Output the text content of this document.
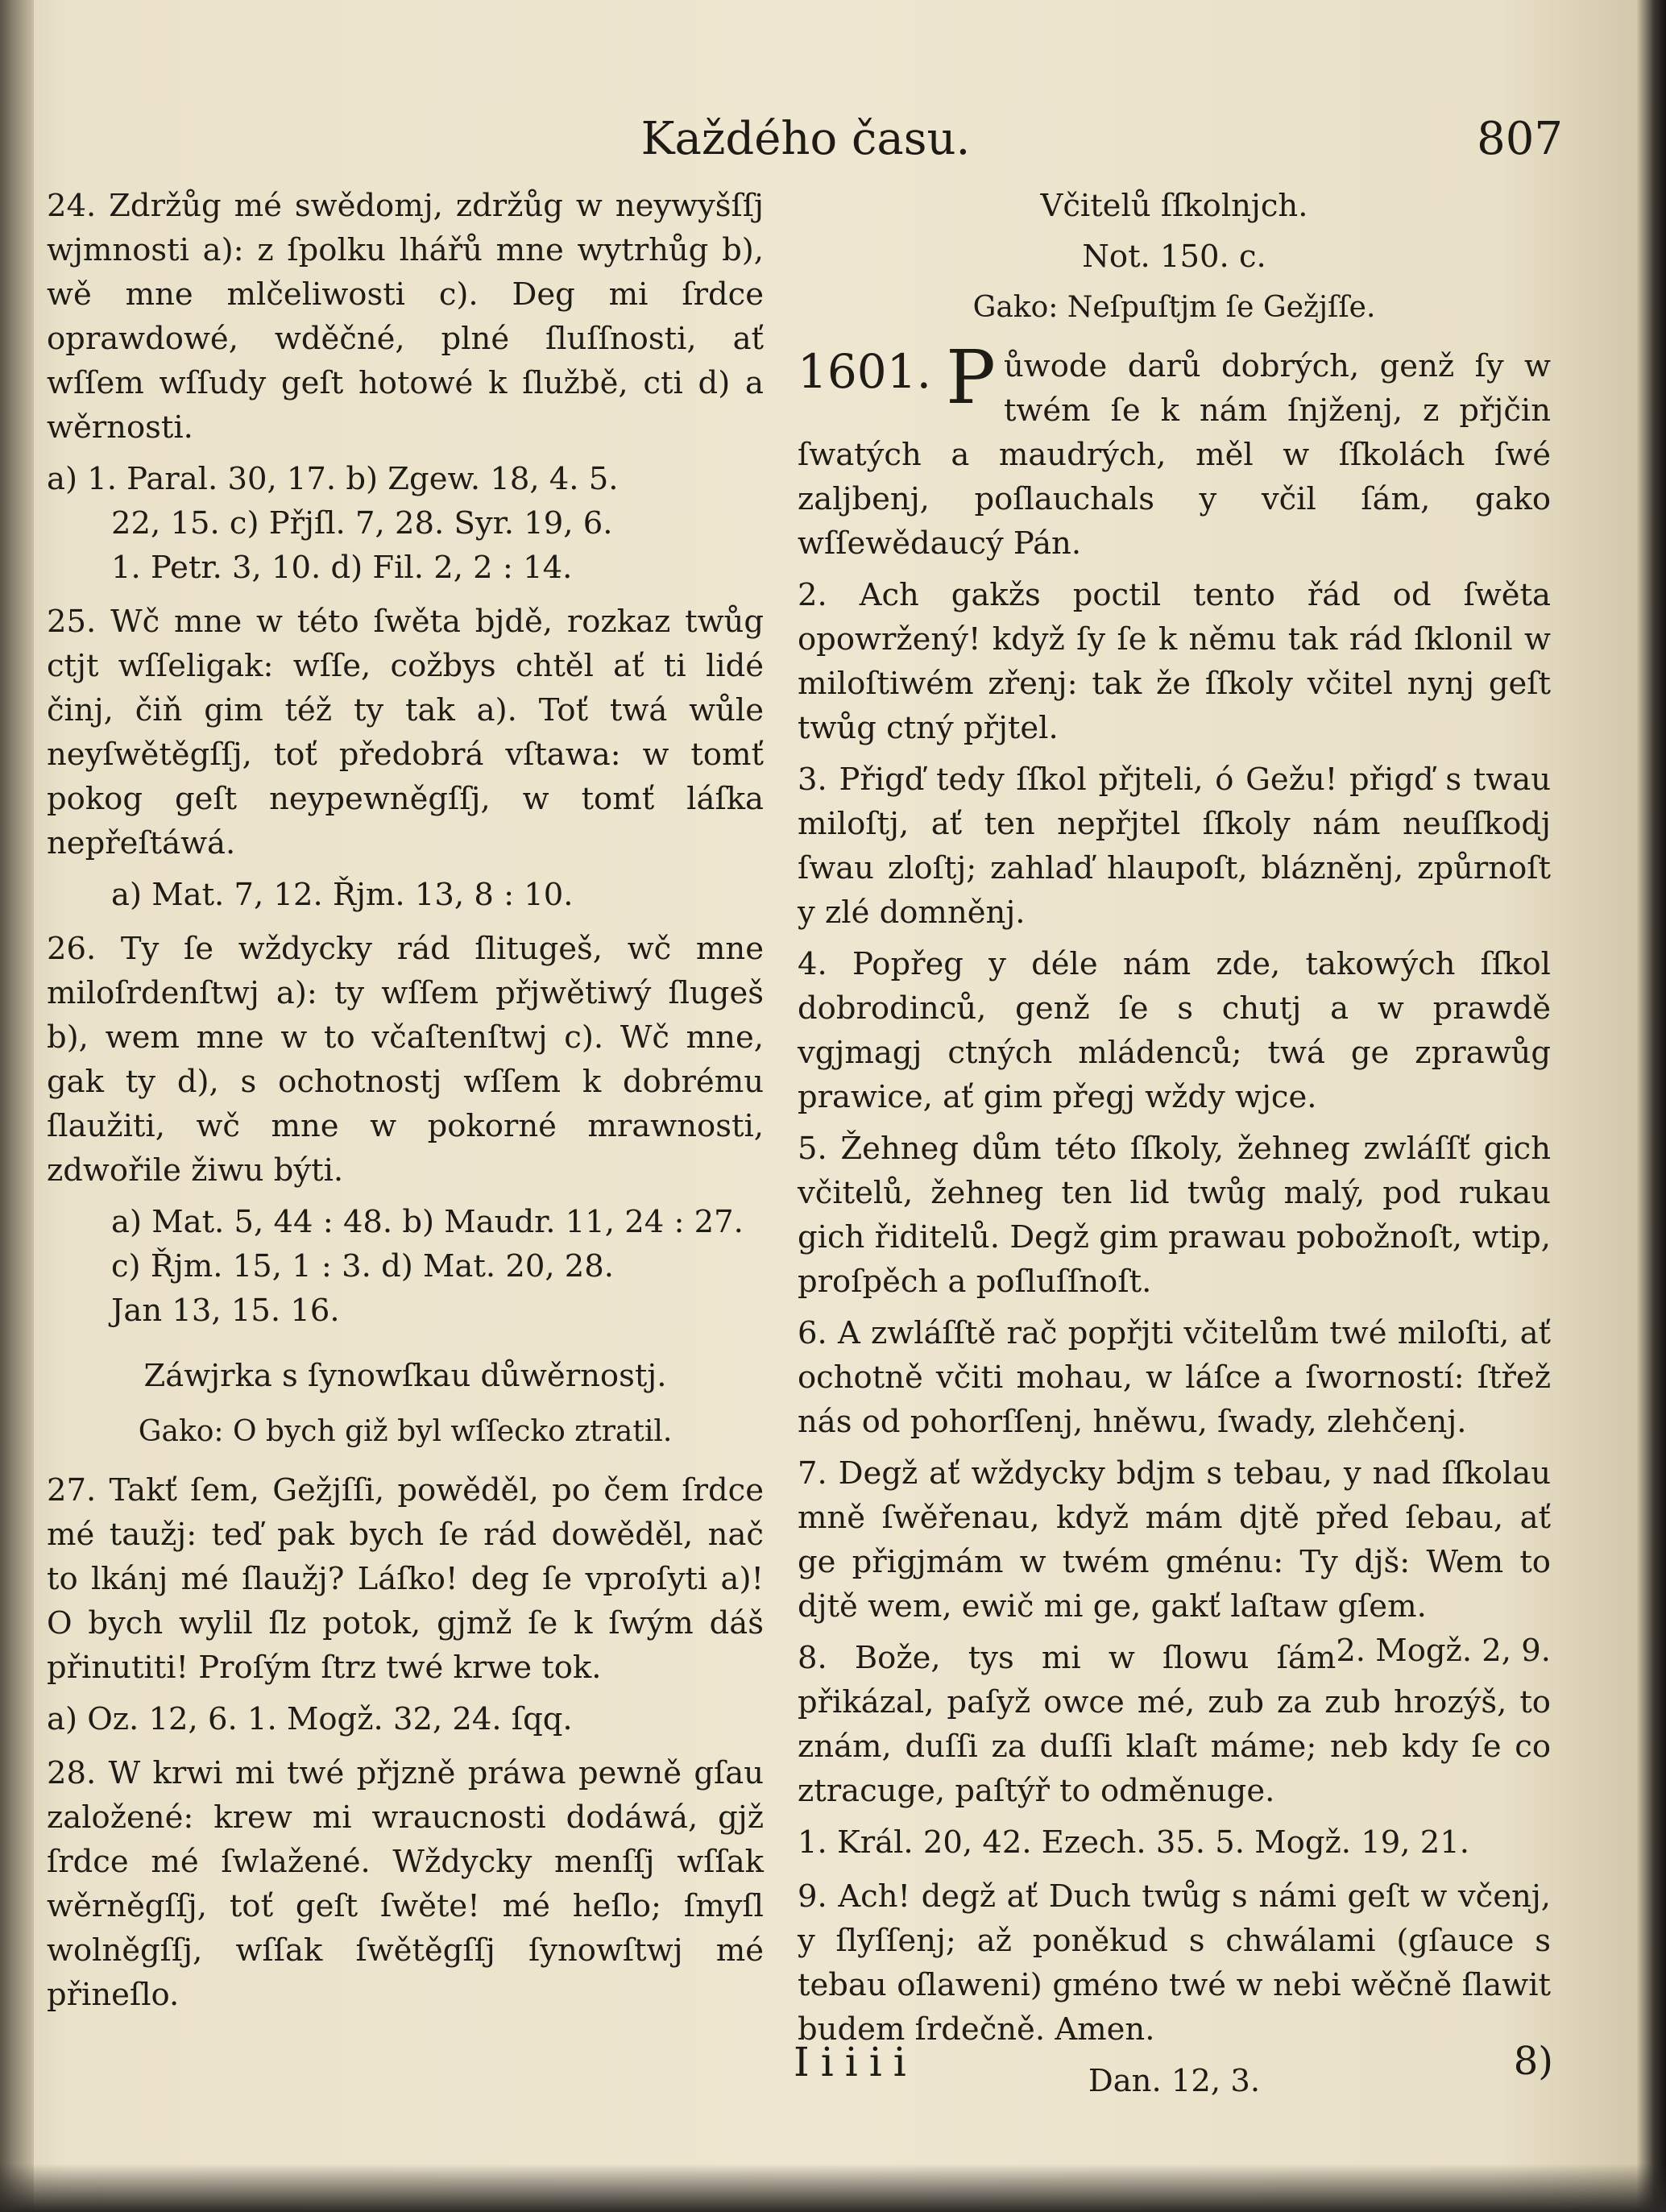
Každého času.	807

24. Zdržůg mé swědomj, zdržůg w neywyšſſj wjmnosti a): z ſpolku lhářů mne wytrhůg b), wě mne mlčeliwosti c). Deg mi ſrdce oprawdowé, wděčné, plné ſluſſnosti, ať wſſem wſſudy geſt hotowé k ſlužbě, cti d) a wěrnosti.

a) 1. Paral. 30, 17. b) Zgew. 18, 4. 5.
22, 15. c) Přjſl. 7, 28. Syr. 19, 6.
1. Petr. 3, 10. d) Fil. 2, 2 : 14.

25. Wč mne w této ſwěta bjdě, rozkaz twůg ctjt wſſeligak: wſſe, cožbys chtěl ať ti lidé činj, čiň gim též ty tak a). Toť twá wůle neyſwětěgſſj, toť předobrá vſtawa: w tomť pokog geſt neypewněgſſj, w tomť láſka nepřeſtáwá.

a) Mat. 7, 12. Řjm. 13, 8 : 10.

26. Ty ſe wždycky rád ſlitugeš, wč mne miloſrdenſtwj a): ty wſſem přjwětiwý ſlugeš b), wem mne w to včaſtenſtwj c). Wč mne, gak ty d), s ochotnostj wſſem k dobrému ſlaužiti, wč mne w pokorné mrawnosti, zdwořile žiwu býti.

a) Mat. 5, 44 : 48. b) Maudr. 11, 24 : 27.
c) Řjm. 15, 1 : 3. d) Mat. 20, 28.
Jan 13, 15. 16.

Záwjrka s ſynowſkau důwěrnostj.
Gako: O bych giž byl wſſecko ztratil.

27. Takť ſem, Gežjſſi, powěděl, po čem ſrdce mé taužj: teď pak bych ſe rád dowěděl, nač to lkánj mé ſlaužj? Láſko! deg ſe vproſyti a)! O bych wylil ſlz potok, gjmž ſe k ſwým dáš přinutiti! Proſým ſtrz twé krwe tok.

a) Oz. 12, 6. 1. Mogž. 32, 24. ſqq.

28. W krwi mi twé přjzně práwa pewně gſau založené: krew mi wraucnosti dodáwá, gjž ſrdce mé ſwlažené. Wždycky menſſj wſſak wěrněgſſj, toť geſt ſwěte! mé heſlo; ſmyſl wolněgſſj, wſſak ſwětěgſſj ſynowſtwj mé přineſlo.

Včitelů ſſkolnjch.
Not. 150. c.
Gako: Neſpuſtjm ſe Gežjſſe.

1601. P ůwode darů dobrých, genž ſy w twém ſe k nám ſnjženj, z přjčin ſwatých a maudrých, měl w ſſkolách ſwé zaljbenj, poſlauchals y včil ſám, gako wſſewědaucý Pán.

2. Ach gakžs poctil tento řád od ſwěta opowržený! když ſy ſe k němu tak rád ſklonil w miloſtiwém zřenj: tak že ſſkoly včitel nynj geſt twůg ctný přjtel.

3. Přigď tedy ſſkol přjteli, ó Gežu! přigď s twau miloſtj, ať ten nepřjtel ſſkoly nám neuſſkodj ſwau zloſtj; zahlaď hlaupoſt, blázněnj, způrnoſt y zlé domněnj.

4. Popřeg y déle nám zde, takowých ſſkol dobrodinců, genž ſe s chutj a w prawdě vgjmagj ctných mládenců; twá ge zprawůg prawice, ať gim přegj wždy wjce.

5. Žehneg dům této ſſkoly, žehneg zwláſſť gich včitelů, žehneg ten lid twůg malý, pod rukau gich řiditelů. Degž gim prawau pobožnoſt, wtip, proſpěch a poſluſſnoſt.

6. A zwláſſtě rač popřjti včitelům twé miloſti, ať ochotně včiti mohau, w láſce a ſworností: ſtřež nás od pohorſſenj, hněwu, ſwady, zlehčenj.

7. Degž ať wždycky bdjm s tebau, y nad ſſkolau mně ſwěřenau, když mám djtě před ſebau, ať ge přigjmám w twém gménu: Ty djš: Wem to djtě wem, ewič mi ge, gakť laſtaw gſem.
2. Mogž. 2, 9.

8. Bože, tys mi w ſlowu ſám přikázal, paſyž owce mé, zub za zub hrozýš, to znám, duſſi za duſſi klaſt máme; neb kdy ſe co ztracuge, paſtýř to odměnuge.

1. Král. 20, 42. Ezech. 35. 5. Mogž. 19, 21.

9. Ach! degž ať Duch twůg s námi geſt w včenj, y ſlyſſenj; až poněkud s chwálami (gſauce s tebau oſlaweni) gméno twé w nebi wěčně ſlawit budem ſrdečně. Amen.

Dan. 12, 3.
Iiiii	8)
